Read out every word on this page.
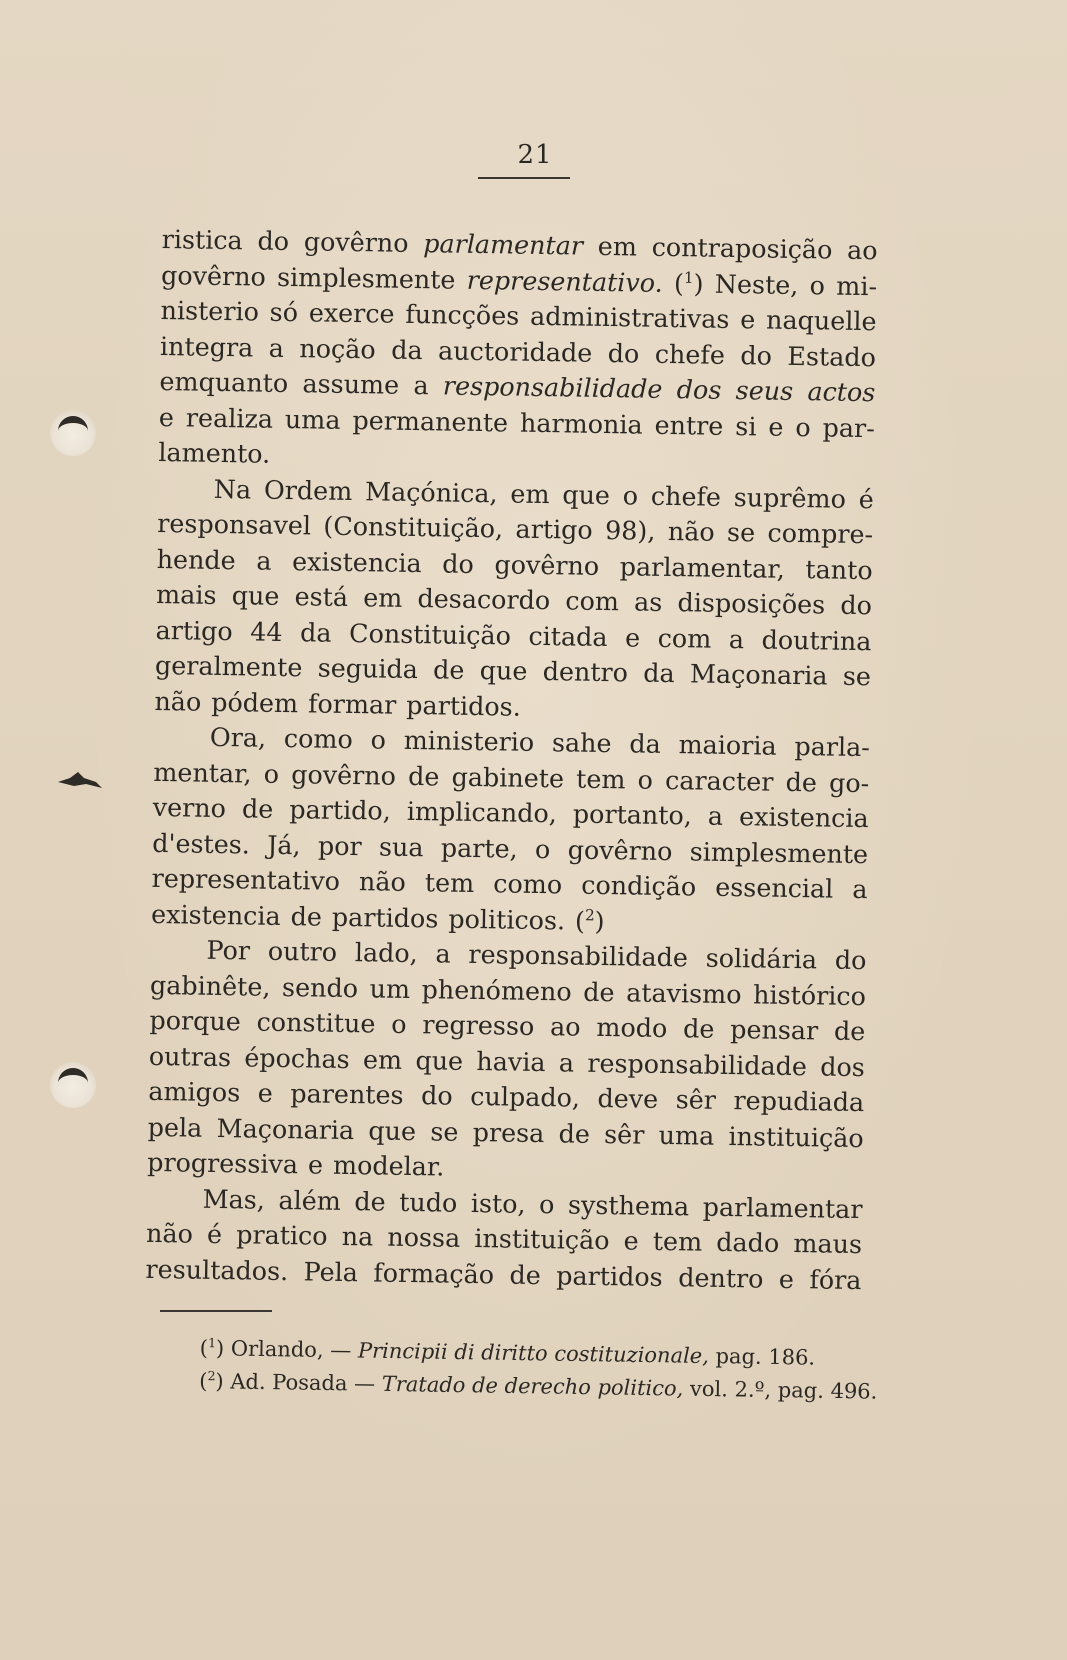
21
ristica do govêrno parlamentar em contraposição ao
govêrno simplesmente representativo. ($^1$) Neste, o mi-
nisterio só exerce funcções administrativas e naquelle
integra a noção da auctoridade do chefe do Estado
emquanto assume a responsabilidade dos seus actos
e realiza uma permanente harmonia entre si e o par-
lamento.
Na Ordem Maçónica, em que o chefe suprêmo é
responsavel (Constituição, artigo 98), não se compre-
hende a existencia do govêrno parlamentar, tanto
mais que está em desacordo com as disposições do
artigo 44 da Constituição citada e com a doutrina
geralmente seguida de que dentro da Maçonaria se
não pódem formar partidos.
Ora, como o ministerio sahe da maioria parla-
mentar, o govêrno de gabinete tem o caracter de go-
verno de partido, implicando, portanto, a existencia
d'estes. Já, por sua parte, o govêrno simplesmente
representativo não tem como condição essencial a
existencia de partidos politicos. ($^2$)
Por outro lado, a responsabilidade solidária do
gabinête, sendo um phenómeno de atavismo histórico
porque constitue o regresso ao modo de pensar de
outras épochas em que havia a responsabilidade dos
amigos e parentes do culpado, deve sêr repudiada
pela Maçonaria que se presa de sêr uma instituição
progressiva e modelar.
Mas, além de tudo isto, o systhema parlamentar
não é pratico na nossa instituição e tem dado maus
resultados. Pela formação de partidos dentro e fóra
($^1$) Orlando, — Principii di diritto costituzionale, pag. 186.
($^2$) Ad. Posada — Tratado de derecho politico, vol. 2.º, pag. 496.
